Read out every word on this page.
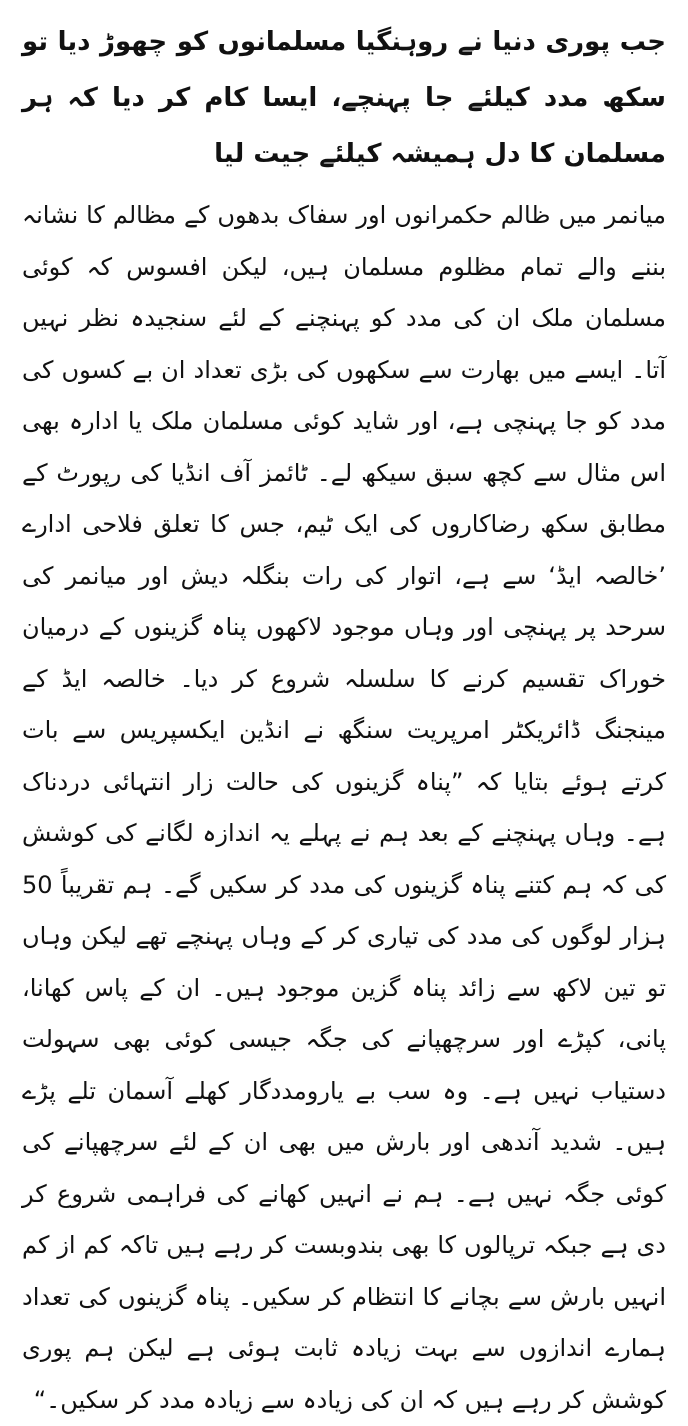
جب پوری دنیا نے روہنگیا مسلمانوں کو چھوڑ دیا تو سکھ مدد کیلئے جا پہنچے، ایسا کام کر دیا کہ ہر مسلمان کا دل ہمیشہ کیلئے جیت لیا

میانمر میں ظالم حکمرانوں اور سفاک بدھوں کے مظالم کا نشانہ بننے والے تمام مظلوم مسلمان ہیں، لیکن افسوس کہ کوئی مسلمان ملک ان کی مدد کو پہنچنے کے لئے سنجیدہ نظر نہیں آتا۔ ایسے میں بھارت سے سکھوں کی بڑی تعداد ان بے کسوں کی مدد کو جا پہنچی ہے، اور شاید کوئی مسلمان ملک یا ادارہ بھی اس مثال سے کچھ سبق سیکھ لے۔ ٹائمز آف انڈیا کی رپورٹ کے مطابق سکھ رضاکاروں کی ایک ٹیم، جس کا تعلق فلاحی ادارے ’خالصہ ایڈ‘ سے ہے، اتوار کی رات بنگلہ دیش اور میانمر کی سرحد پر پہنچی اور وہاں موجود لاکھوں پناہ گزینوں کے درمیان خوراک تقسیم کرنے کا سلسلہ شروع کر دیا۔ خالصہ ایڈ کے مینجنگ ڈائریکٹر امرپریت سنگھ نے انڈین ایکسپریس سے بات کرتے ہوئے بتایا کہ ”پناہ گزینوں کی حالت زار انتہائی دردناک ہے۔ وہاں پہنچنے کے بعد ہم نے پہلے یہ اندازہ لگانے کی کوشش کی کہ ہم کتنے پناہ گزینوں کی مدد کر سکیں گے۔ ہم تقریباً 50 ہزار لوگوں کی مدد کی تیاری کر کے وہاں پہنچے تھے لیکن وہاں تو تین لاکھ سے زائد پناہ گزین موجود ہیں۔ ان کے پاس کھانا، پانی، کپڑے اور سرچھپانے کی جگہ جیسی کوئی بھی سہولت دستیاب نہیں ہے۔ وہ سب بے یارومددگار کھلے آسمان تلے پڑے ہیں۔ شدید آندھی اور بارش میں بھی ان کے لئے سرچھپانے کی کوئی جگہ نہیں ہے۔ ہم نے انہیں کھانے کی فراہمی شروع کر دی ہے جبکہ ترپالوں کا بھی بندوبست کر رہے ہیں تاکہ کم از کم انہیں بارش سے بچانے کا انتظام کر سکیں۔ پناہ گزینوں کی تعداد ہمارے اندازوں سے بہت زیادہ ثابت ہوئی ہے لیکن ہم پوری کوشش کر رہے ہیں کہ ان کی زیادہ سے زیادہ مدد کر سکیں۔“
